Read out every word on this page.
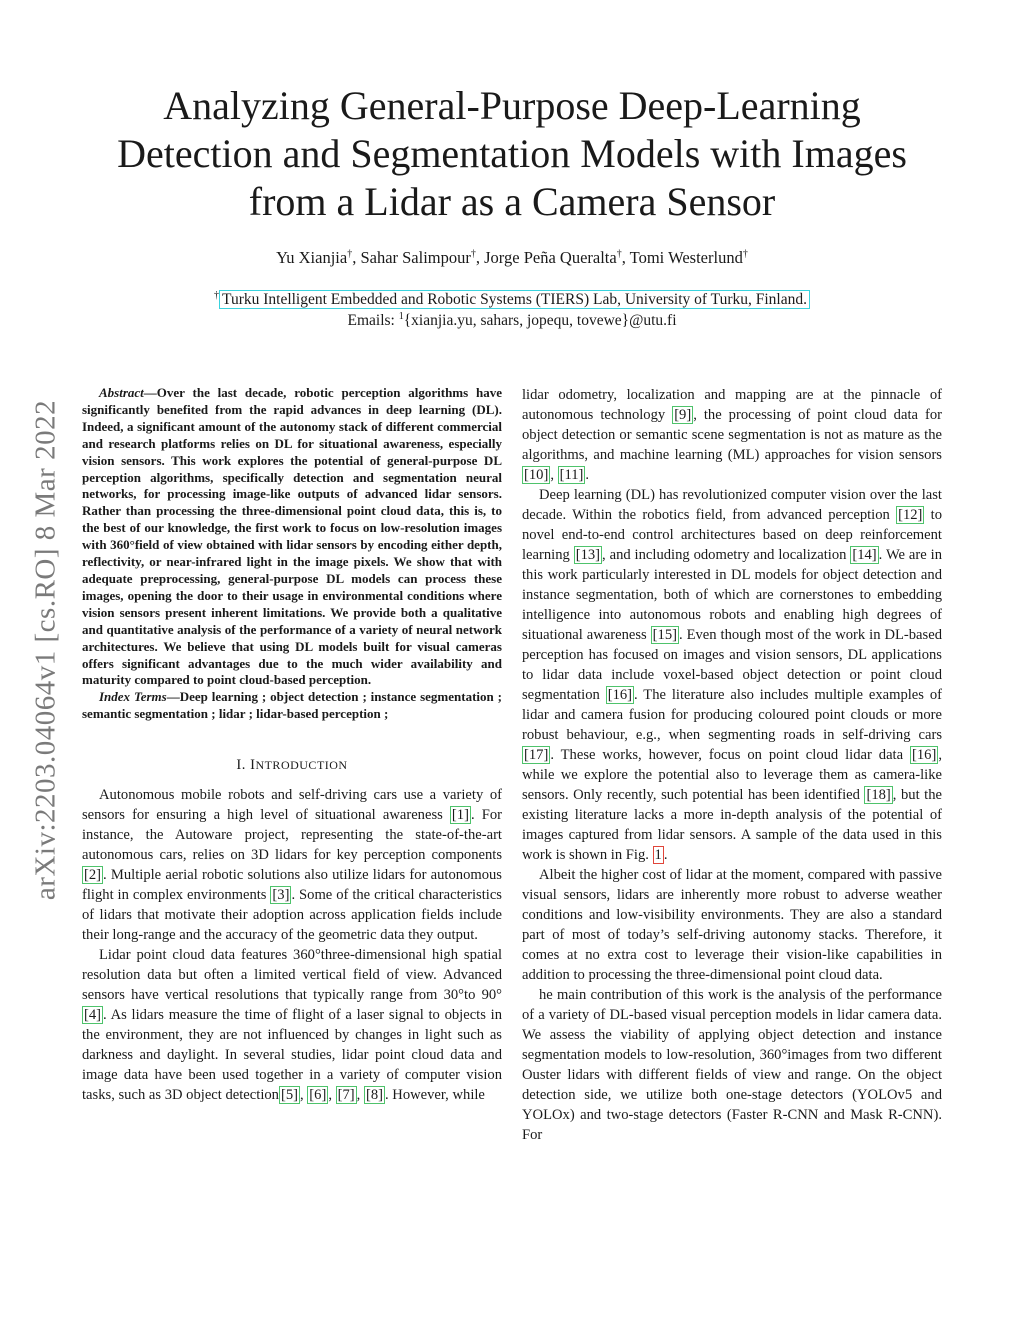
arXiv:2203.04064v1 [cs.RO] 8 Mar 2022
Analyzing General-Purpose Deep-Learning Detection and Segmentation Models with Images from a Lidar as a Camera Sensor
Yu Xianjia†, Sahar Salimpour†, Jorge Peña Queralta†, Tomi Westerlund†
† Turku Intelligent Embedded and Robotic Systems (TIERS) Lab, University of Turku, Finland.
Emails: $^1${xianjia.yu, sahars, jopequ, tovewe}@utu.fi

Abstract—Over the last decade, robotic perception algorithms have significantly benefited from the rapid advances in deep learning (DL). Indeed, a significant amount of the autonomy stack of different commercial and research platforms relies on DL for situational awareness, especially vision sensors. This work explores the potential of general-purpose DL perception algorithms, specifically detection and segmentation neural networks, for processing image-like outputs of advanced lidar sensors. Rather than processing the three-dimensional point cloud data, this is, to the best of our knowledge, the first work to focus on low-resolution images with 360°field of view obtained with lidar sensors by encoding either depth, reflectivity, or near-infrared light in the image pixels. We show that with adequate preprocessing, general-purpose DL models can process these images, opening the door to their usage in environmental conditions where vision sensors present inherent limitations. We provide both a qualitative and quantitative analysis of the performance of a variety of neural network architectures. We believe that using DL models built for visual cameras offers significant advantages due to the much wider availability and maturity compared to point cloud-based perception.

Index Terms—Deep learning ; object detection ; instance segmentation ; semantic segmentation ; lidar ; lidar-based perception ;

I. INTRODUCTION

Autonomous mobile robots and self-driving cars use a variety of sensors for ensuring a high level of situational awareness [1] . For instance, the Autoware project, representing the state-of-the-art autonomous cars, relies on 3D lidars for key perception components [2] . Multiple aerial robotic solutions also utilize lidars for autonomous flight in complex environments [3] . Some of the critical characteristics of lidars that motivate their adoption across application fields include their long-range and the accuracy of the geometric data they output.

Lidar point cloud data features 360°three-dimensional high spatial resolution data but often a limited vertical field of view. Advanced sensors have vertical resolutions that typically range from 30°to 90° [4] . As lidars measure the time of flight of a laser signal to objects in the environment, they are not influenced by changes in light such as darkness and daylight. In several studies, lidar point cloud data and image data have been used together in a variety of computer vision tasks, such as 3D object detection [5] , [6] , [7] , [8] . However, while

lidar odometry, localization and mapping are at the pinnacle of autonomous technology [9] , the processing of point cloud data for object detection or semantic scene segmentation is not as mature as the algorithms, and machine learning (ML) approaches for vision sensors [10] , [11] .

Deep learning (DL) has revolutionized computer vision over the last decade. Within the robotics field, from advanced perception [12] to novel end-to-end control architectures based on deep reinforcement learning [13] , and including odometry and localization [14] . We are in this work particularly interested in DL models for object detection and instance segmentation, both of which are cornerstones to embedding intelligence into autonomous robots and enabling high degrees of situational awareness [15] . Even though most of the work in DL-based perception has focused on images and vision sensors, DL applications to lidar data include voxel-based object detection or point cloud segmentation [16] . The literature also includes multiple examples of lidar and camera fusion for producing coloured point clouds or more robust behaviour, e.g., when segmenting roads in self-driving cars [17] . These works, however, focus on point cloud lidar data [16] , while we explore the potential also to leverage them as camera-like sensors. Only recently, such potential has been identified [18] , but the existing literature lacks a more in-depth analysis of the potential of images captured from lidar sensors. A sample of the data used in this work is shown in Fig. 1 .

Albeit the higher cost of lidar at the moment, compared with passive visual sensors, lidars are inherently more robust to adverse weather conditions and low-visibility environments. They are also a standard part of most of today’s self-driving autonomy stacks. Therefore, it comes at no extra cost to leverage their vision-like capabilities in addition to processing the three-dimensional point cloud data.

he main contribution of this work is the analysis of the performance of a variety of DL-based visual perception models in lidar camera data. We assess the viability of applying object detection and instance segmentation models to low-resolution, 360°images from two different Ouster lidars with different fields of view and range. On the object detection side, we utilize both one-stage detectors (YOLOv5 and YOLOx) and two-stage detectors (Faster R-CNN and Mask R-CNN). For
